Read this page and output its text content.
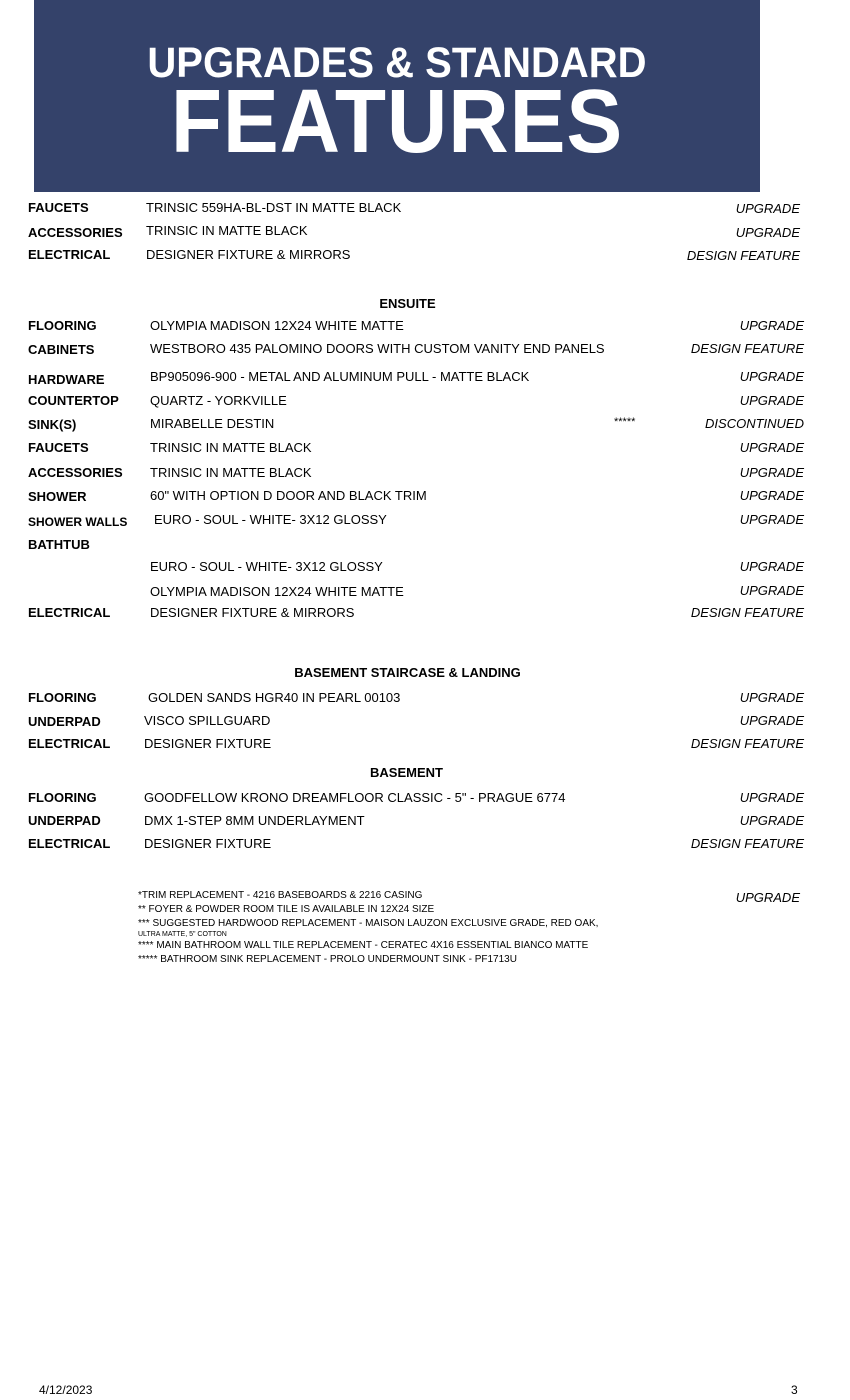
UPGRADES & STANDARD
FEATURES
FAUCETS	TRINSIC 559HA-BL-DST IN MATTE BLACK	UPGRADE
ACCESSORIES TRINSIC IN MATTE BLACK	UPGRADE
ELECTRICAL	DESIGNER FIXTURE & MIRRORS	DESIGN FEATURE
ENSUITE
FLOORING	OLYMPIA MADISON 12X24 WHITE MATTE	UPGRADE
CABINETS	WESTBORO 435 PALOMINO DOORS WITH CUSTOM VANITY END PANELS	DESIGN FEATURE
HARDWARE	BP905096-900 - METAL AND ALUMINUM PULL - MATTE BLACK	UPGRADE
COUNTERTOP QUARTZ - YORKVILLE	UPGRADE
SINK(S)	MIRABELLE DESTIN	*****	DISCONTINUED
FAUCETS	TRINSIC IN MATTE BLACK	UPGRADE
ACCESSORIES TRINSIC IN MATTE BLACK	UPGRADE
SHOWER	60" WITH OPTION D DOOR AND BLACK TRIM	UPGRADE
SHOWER WALLS EURO - SOUL - WHITE- 3X12 GLOSSY	UPGRADE
BATHTUB
EURO - SOUL - WHITE- 3X12 GLOSSY	UPGRADE
OLYMPIA MADISON 12X24 WHITE MATTE	UPGRADE
ELECTRICAL	DESIGNER FIXTURE & MIRRORS	DESIGN FEATURE
BASEMENT STAIRCASE & LANDING
FLOORING	GOLDEN SANDS HGR40 IN PEARL 00103	UPGRADE
UNDERPAD	VISCO SPILLGUARD	UPGRADE
ELECTRICAL	DESIGNER FIXTURE	DESIGN FEATURE
BASEMENT
FLOORING	GOODFELLOW KRONO DREAMFLOOR CLASSIC - 5" - PRAGUE 6774	UPGRADE
UNDERPAD	DMX 1-STEP 8MM UNDERLAYMENT	UPGRADE
ELECTRICAL	DESIGNER FIXTURE	DESIGN FEATURE
*TRIM REPLACEMENT - 4216 BASEBOARDS & 2216 CASING
** FOYER & POWDER ROOM TILE IS AVAILABLE IN 12X24 SIZE
*** SUGGESTED HARDWOOD REPLACEMENT - MAISON LAUZON EXCLUSIVE GRADE, RED OAK,
ULTRA MATTE, 5" COTTON
**** MAIN BATHROOM WALL TILE REPLACEMENT - CERATEC 4X16 ESSENTIAL BIANCO MATTE
***** BATHROOM SINK REPLACEMENT - PROLO UNDERMOUNT SINK - PF1713U
UPGRADE
4/12/2023	3
